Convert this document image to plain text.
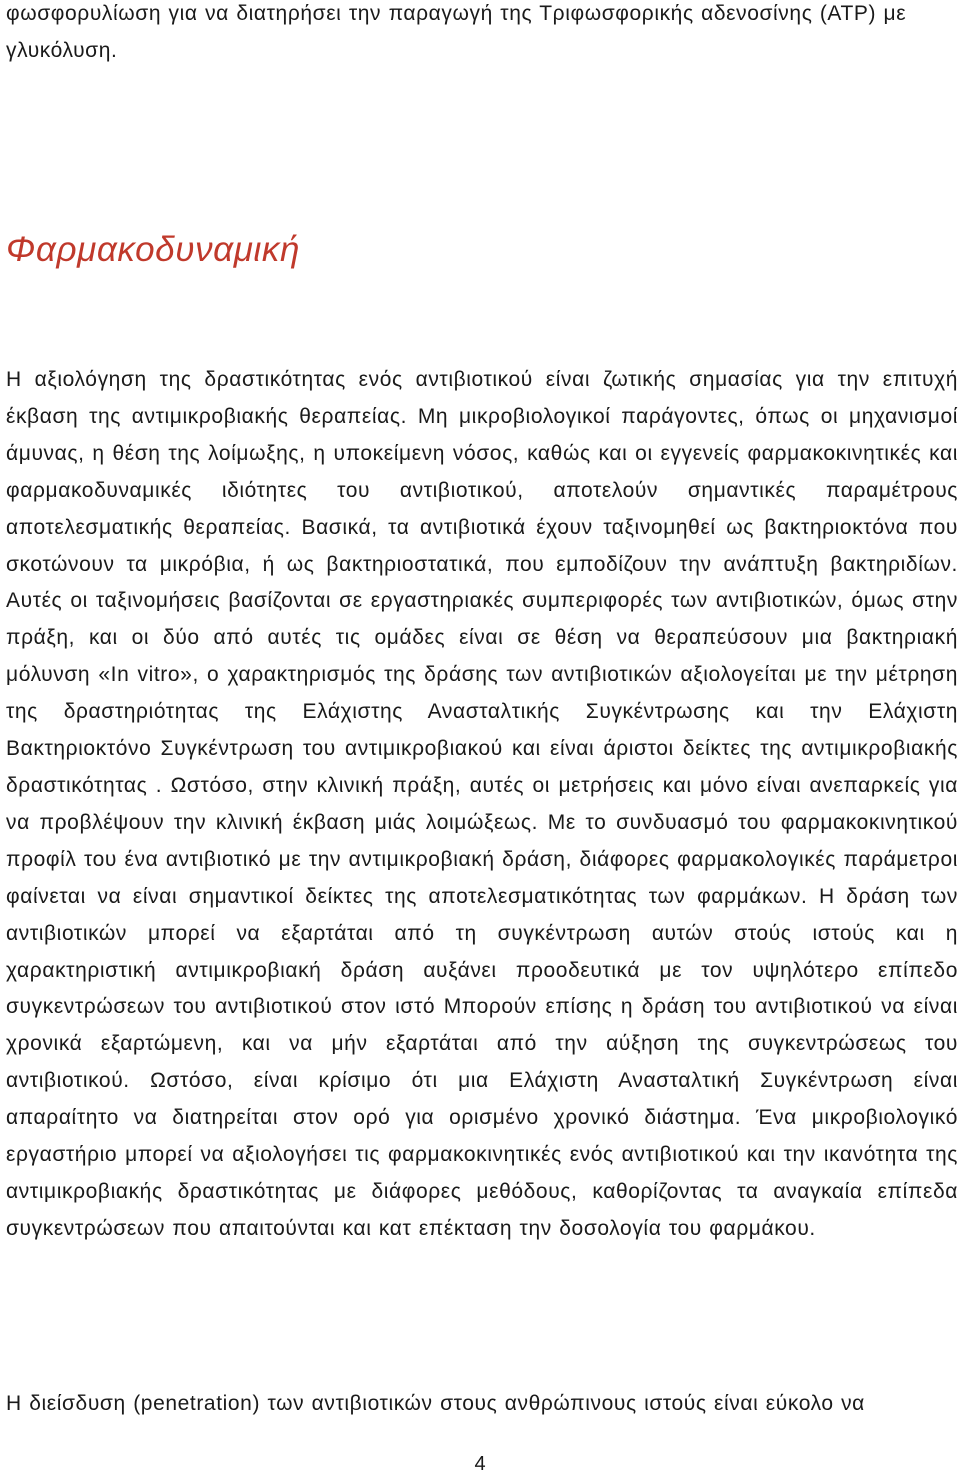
φωσφορυλίωση για να διατηρήσει την παραγωγή της Τριφωσφορικής αδενοσίνης (ATP) με γλυκόλυση.

Φαρμακοδυναμική

Η αξιολόγηση της δραστικότητας ενός αντιβιοτικού είναι ζωτικής σημασίας για την επιτυχή έκβαση της αντιμικροβιακής θεραπείας. Μη μικροβιολογικοί παράγοντες, όπως οι μηχανισμοί άμυνας, η θέση της λοίμωξης, η υποκείμενη νόσος, καθώς και οι εγγενείς φαρμακοκινητικές και φαρμακοδυναμικές ιδιότητες του αντιβιοτικού, αποτελούν σημαντικές παραμέτρους αποτελεσματικής θεραπείας. Βασικά, τα αντιβιοτικά έχουν ταξινομηθεί ως βακτηριοκτόνα που σκοτώνουν τα μικρόβια, ή ως βακτηριοστατικά, που εμποδίζουν την ανάπτυξη βακτηριδίων. Αυτές οι ταξινομήσεις βασίζονται σε εργαστηριακές συμπεριφορές των αντιβιοτικών, όμως στην πράξη, και οι δύο από αυτές τις ομάδες είναι σε θέση να θεραπεύσουν μια βακτηριακή μόλυνση «In vitro», ο χαρακτηρισμός της δράσης των αντιβιοτικών αξιολογείται με την μέτρηση της δραστηριότητας της Ελάχιστης Ανασταλτικής Συγκέντρωσης και την Ελάχιστη Βακτηριοκτόνο Συγκέντρωση του αντιμικροβιακού και είναι άριστοι δείκτες της αντιμικροβιακής δραστικότητας . Ωστόσο, στην κλινική πράξη, αυτές οι μετρήσεις και μόνο είναι ανεπαρκείς για να προβλέψουν την κλινική έκβαση μιάς λοιμώξεως. Με το συνδυασμό του φαρμακοκινητικού προφίλ του ένα αντιβιοτικό με την αντιμικροβιακή δράση, διάφορες φαρμακολογικές παράμετροι φαίνεται να είναι σημαντικοί δείκτες της αποτελεσματικότητας των φαρμάκων. Η δράση των αντιβιοτικών μπορεί να εξαρτάται από τη συγκέντρωση αυτών στούς ιστούς και η χαρακτηριστική αντιμικροβιακή δράση αυξάνει προοδευτικά με τον υψηλότερο επίπεδο συγκεντρώσεων του αντιβιοτικού στον ιστό Μπορούν επίσης η δράση του αντιβιοτικού να είναι χρονικά εξαρτώμενη, και να μήν εξαρτάται από την αύξηση της συγκεντρώσεως του αντιβιοτικού. Ωστόσο, είναι κρίσιμο ότι μια Ελάχιστη Ανασταλτική Συγκέντρωση είναι απαραίτητο να διατηρείται στον ορό για ορισμένο χρονικό διάστημα. Ένα μικροβιολογικό εργαστήριο μπορεί να αξιολογήσει τις φαρμακοκινητικές ενός αντιβιοτικού και την ικανότητα της αντιμικροβιακής δραστικότητας με διάφορες μεθόδους, καθορίζοντας τα αναγκαία επίπεδα συγκεντρώσεων που απαιτούνται και κατ επέκταση την δοσολογία του φαρμάκου.

Η διείσδυση (penetration) των αντιβιοτικών στους ανθρώπινους ιστούς είναι εύκολο να

4
